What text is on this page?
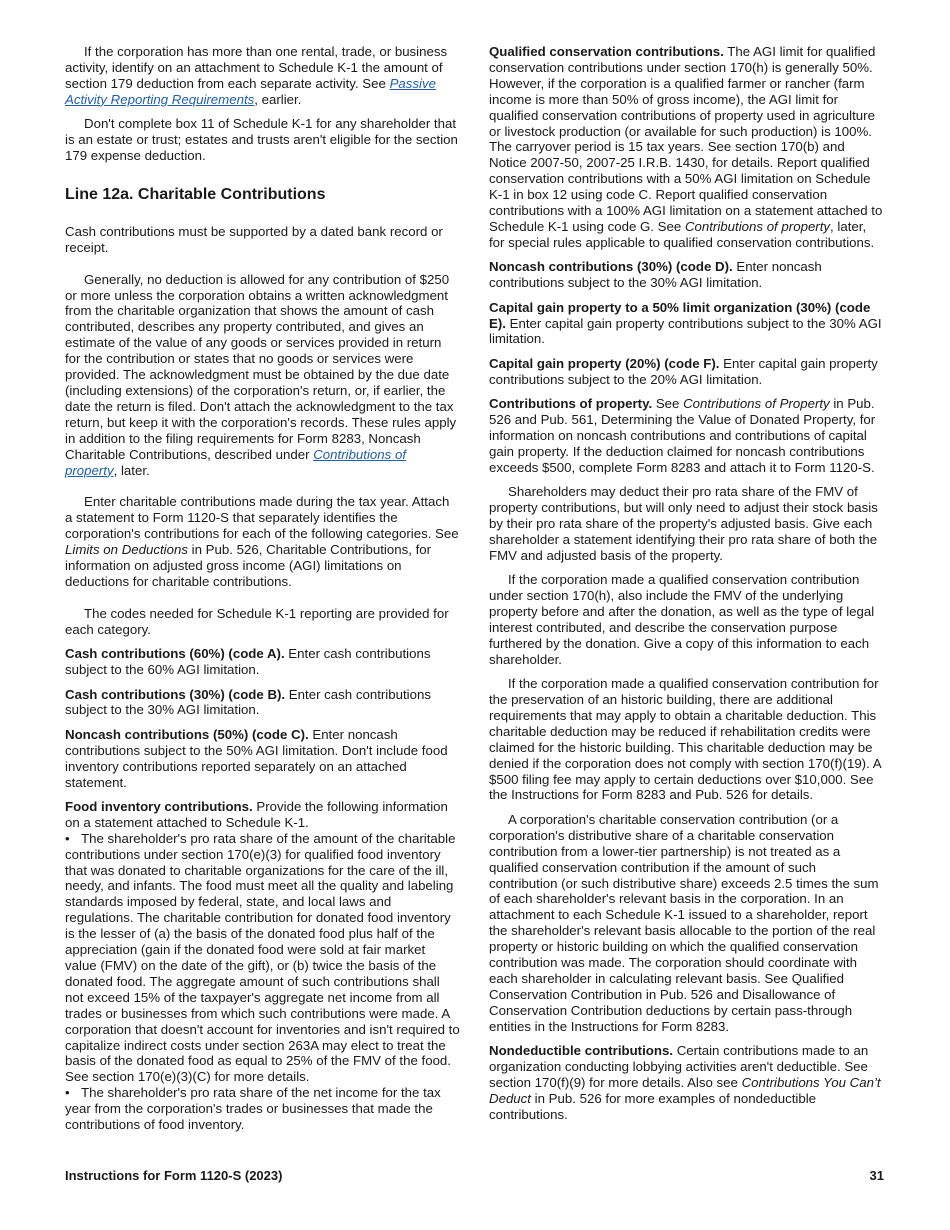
If the corporation has more than one rental, trade, or business activity, identify on an attachment to Schedule K-1 the amount of section 179 deduction from each separate activity. See Passive Activity Reporting Requirements, earlier.

Don't complete box 11 of Schedule K-1 for any shareholder that is an estate or trust; estates and trusts aren't eligible for the section 179 expense deduction.

Line 12a. Charitable Contributions

Cash contributions must be supported by a dated bank record or receipt.

Generally, no deduction is allowed for any contribution of $250 or more unless the corporation obtains a written acknowledgment from the charitable organization that shows the amount of cash contributed, describes any property contributed, and gives an estimate of the value of any goods or services provided in return for the contribution or states that no goods or services were provided. The acknowledgment must be obtained by the due date (including extensions) of the corporation's return, or, if earlier, the date the return is filed. Don't attach the acknowledgment to the tax return, but keep it with the corporation's records. These rules apply in addition to the filing requirements for Form 8283, Noncash Charitable Contributions, described under Contributions of property, later.

Enter charitable contributions made during the tax year. Attach a statement to Form 1120-S that separately identifies the corporation's contributions for each of the following categories. See Limits on Deductions in Pub. 526, Charitable Contributions, for information on adjusted gross income (AGI) limitations on deductions for charitable contributions.

The codes needed for Schedule K-1 reporting are provided for each category.

Cash contributions (60%) (code A). Enter cash contributions subject to the 60% AGI limitation.

Cash contributions (30%) (code B). Enter cash contributions subject to the 30% AGI limitation.

Noncash contributions (50%) (code C). Enter noncash contributions subject to the 50% AGI limitation. Don't include food inventory contributions reported separately on an attached statement.

Food inventory contributions. Provide the following information on a statement attached to Schedule K-1.

• The shareholder's pro rata share of the amount of the charitable contributions under section 170(e)(3) for qualified food inventory that was donated to charitable organizations for the care of the ill, needy, and infants. The food must meet all the quality and labeling standards imposed by federal, state, and local laws and regulations. The charitable contribution for donated food inventory is the lesser of (a) the basis of the donated food plus half of the appreciation (gain if the donated food were sold at fair market value (FMV) on the date of the gift), or (b) twice the basis of the donated food. The aggregate amount of such contributions shall not exceed 15% of the taxpayer's aggregate net income from all trades or businesses from which such contributions were made. A corporation that doesn't account for inventories and isn't required to capitalize indirect costs under section 263A may elect to treat the basis of the donated food as equal to 25% of the FMV of the food. See section 170(e)(3)(C) for more details.

• The shareholder's pro rata share of the net income for the tax year from the corporation's trades or businesses that made the contributions of food inventory.

Qualified conservation contributions. The AGI limit for qualified conservation contributions under section 170(h) is generally 50%. However, if the corporation is a qualified farmer or rancher (farm income is more than 50% of gross income), the AGI limit for qualified conservation contributions of property used in agriculture or livestock production (or available for such production) is 100%. The carryover period is 15 tax years. See section 170(b) and Notice 2007-50, 2007-25 I.R.B. 1430, for details. Report qualified conservation contributions with a 50% AGI limitation on Schedule K-1 in box 12 using code C. Report qualified conservation contributions with a 100% AGI limitation on a statement attached to Schedule K-1 using code G. See Contributions of property, later, for special rules applicable to qualified conservation contributions.

Noncash contributions (30%) (code D). Enter noncash contributions subject to the 30% AGI limitation.

Capital gain property to a 50% limit organization (30%) (code E). Enter capital gain property contributions subject to the 30% AGI limitation.

Capital gain property (20%) (code F). Enter capital gain property contributions subject to the 20% AGI limitation.

Contributions of property. See Contributions of Property in Pub. 526 and Pub. 561, Determining the Value of Donated Property, for information on noncash contributions and contributions of capital gain property. If the deduction claimed for noncash contributions exceeds $500, complete Form 8283 and attach it to Form 1120-S.

Shareholders may deduct their pro rata share of the FMV of property contributions, but will only need to adjust their stock basis by their pro rata share of the property's adjusted basis. Give each shareholder a statement identifying their pro rata share of both the FMV and adjusted basis of the property.

If the corporation made a qualified conservation contribution under section 170(h), also include the FMV of the underlying property before and after the donation, as well as the type of legal interest contributed, and describe the conservation purpose furthered by the donation. Give a copy of this information to each shareholder.

If the corporation made a qualified conservation contribution for the preservation of an historic building, there are additional requirements that may apply to obtain a charitable deduction. This charitable deduction may be reduced if rehabilitation credits were claimed for the historic building. This charitable deduction may be denied if the corporation does not comply with section 170(f)(19). A $500 filing fee may apply to certain deductions over $10,000. See the Instructions for Form 8283 and Pub. 526 for details.

A corporation's charitable conservation contribution (or a corporation's distributive share of a charitable conservation contribution from a lower-tier partnership) is not treated as a qualified conservation contribution if the amount of such contribution (or such distributive share) exceeds 2.5 times the sum of each shareholder's relevant basis in the corporation. In an attachment to each Schedule K-1 issued to a shareholder, report the shareholder's relevant basis allocable to the portion of the real property or historic building on which the qualified conservation contribution was made. The corporation should coordinate with each shareholder in calculating relevant basis. See Qualified Conservation Contribution in Pub. 526 and Disallowance of Conservation Contribution deductions by certain pass-through entities in the Instructions for Form 8283.

Nondeductible contributions. Certain contributions made to an organization conducting lobbying activities aren't deductible. See section 170(f)(9) for more details. Also see Contributions You Can’t Deduct in Pub. 526 for more examples of nondeductible contributions.

Instructions for Form 1120-S (2023)	31
